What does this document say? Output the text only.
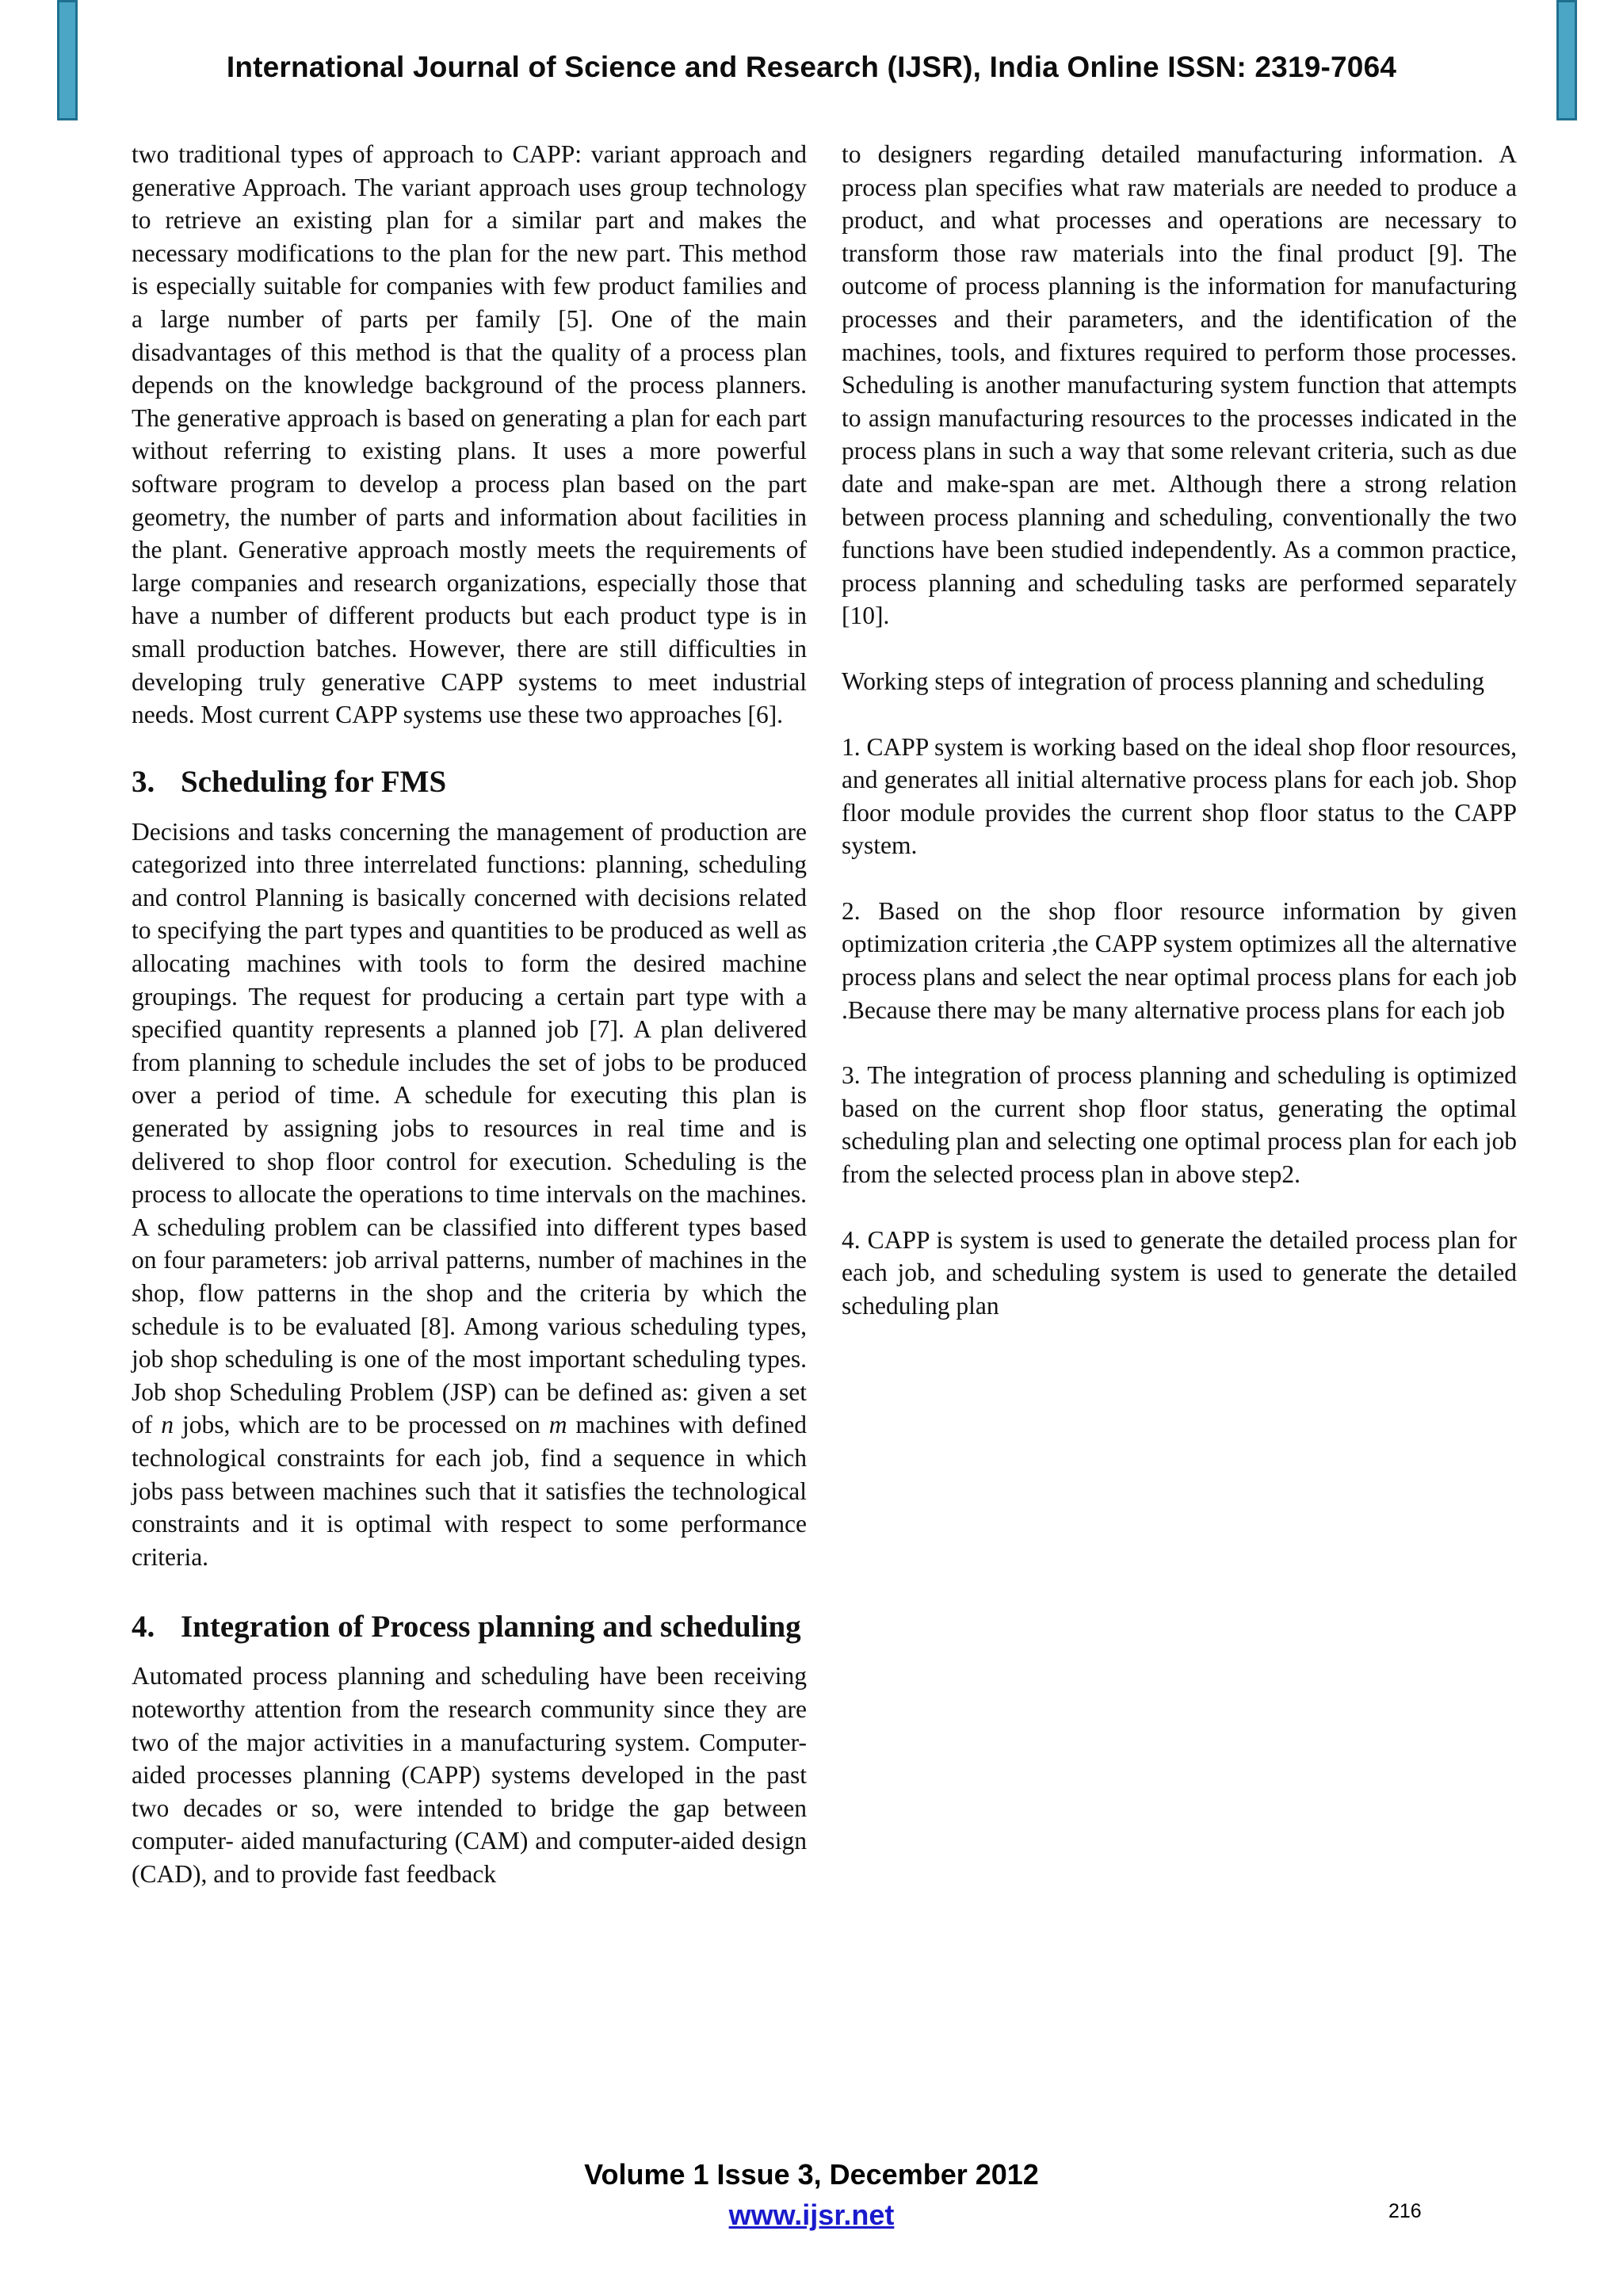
International Journal of Science and Research (IJSR), India Online ISSN: 2319-7064

two traditional types of approach to CAPP: variant approach and generative Approach. The variant approach uses group technology to retrieve an existing plan for a similar part and makes the necessary modifications to the plan for the new part. This method is especially suitable for companies with few product families and a large number of parts per family [5]. One of the main disadvantages of this method is that the quality of a process plan depends on the knowledge background of the process planners. The generative approach is based on generating a plan for each part without referring to existing plans. It uses a more powerful software program to develop a process plan based on the part geometry, the number of parts and information about facilities in the plant. Generative approach mostly meets the requirements of large companies and research organizations, especially those that have a number of different products but each product type is in small production batches. However, there are still difficulties in developing truly generative CAPP systems to meet industrial needs. Most current CAPP systems use these two approaches [6].

3. Scheduling for FMS

Decisions and tasks concerning the management of production are categorized into three interrelated functions: planning, scheduling and control Planning is basically concerned with decisions related to specifying the part types and quantities to be produced as well as allocating machines with tools to form the desired machine groupings. The request for producing a certain part type with a specified quantity represents a planned job [7]. A plan delivered from planning to schedule includes the set of jobs to be produced over a period of time. A schedule for executing this plan is generated by assigning jobs to resources in real time and is delivered to shop floor control for execution. Scheduling is the process to allocate the operations to time intervals on the machines. A scheduling problem can be classified into different types based on four parameters: job arrival patterns, number of machines in the shop, flow patterns in the shop and the criteria by which the schedule is to be evaluated [8]. Among various scheduling types, job shop scheduling is one of the most important scheduling types. Job shop Scheduling Problem (JSP) can be defined as: given a set of n jobs, which are to be processed on m machines with defined technological constraints for each job, find a sequence in which jobs pass between machines such that it satisfies the technological constraints and it is optimal with respect to some performance criteria.

4. Integration of Process planning and scheduling

Automated process planning and scheduling have been receiving noteworthy attention from the research community since they are two of the major activities in a manufacturing system. Computer-aided processes planning (CAPP) systems developed in the past two decades or so, were intended to bridge the gap between computer- aided manufacturing (CAM) and computer-aided design (CAD), and to provide fast feedback

to designers regarding detailed manufacturing information. A process plan specifies what raw materials are needed to produce a product, and what processes and operations are necessary to transform those raw materials into the final product [9]. The outcome of process planning is the information for manufacturing processes and their parameters, and the identification of the machines, tools, and fixtures required to perform those processes. Scheduling is another manufacturing system function that attempts to assign manufacturing resources to the processes indicated in the process plans in such a way that some relevant criteria, such as due date and make-span are met. Although there a strong relation between process planning and scheduling, conventionally the two functions have been studied independently. As a common practice, process planning and scheduling tasks are performed separately [10].

Working steps of integration of process planning and scheduling

1. CAPP system is working based on the ideal shop floor resources, and generates all initial alternative process plans for each job. Shop floor module provides the current shop floor status to the CAPP system.

2. Based on the shop floor resource information by given optimization criteria ,the CAPP system optimizes all the alternative process plans and select the near optimal process plans for each job .Because there may be many alternative process plans for each job

3. The integration of process planning and scheduling is optimized based on the current shop floor status, generating the optimal scheduling plan and selecting one optimal process plan for each job from the selected process plan in above step2.

4. CAPP is system is used to generate the detailed process plan for each job, and scheduling system is used to generate the detailed scheduling plan

Volume 1 Issue 3, December 2012
www.ijsr.net	216
